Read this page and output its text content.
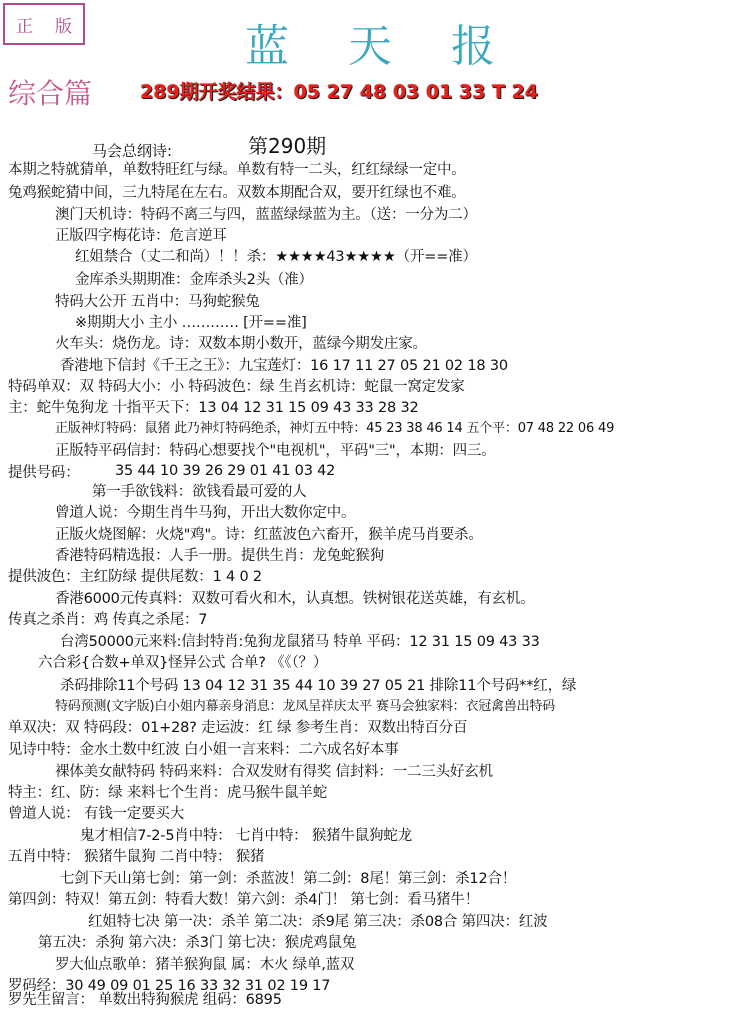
正 版	蓝 天 报
综合篇	289期开奖结果：05 27 48 03 01 33 T 24
马会总纲诗:	第290期
本期之特就猜单，单数特旺红与绿。单数有特一二头，红红绿绿一定中。
兔鸡猴蛇猜中间，三九特尾在左右。双数本期配合双，要开红绿也不难。
澳门天机诗：特码不离三与四，蓝蓝绿绿蓝为主。（送：一分为二）
正版四字梅花诗：危言逆耳
红姐禁合（丈二和尚）！！杀：★★★★43★★★★（开==准）
金库杀头期期准：金库杀头2头（准）
特码大公开 五肖中：马狗蛇猴兔
※期期大小 主小 ………… [开==准]
火车头：烧伤龙。诗：双数本期小数开，蓝绿今期发庄家。
香港地下信封《千王之王》：九宝莲灯：16 17 11 27 05 21 02 18 30
特码单双：双 特码大小：小 特码波色：绿 生肖玄机诗：蛇鼠一窝定发家
主：蛇牛兔狗龙 十指平天下：13 04 12 31 15 09 43 33 28 32
正版神灯特码：鼠猪 此乃神灯特码绝杀，神灯五中特：45 23 38 46 14 五个平：07 48 22 06 49
正版特平码信封：特码心想要找个"电视机"，平码"三"，本期：四三。
提供号码： 35 44 10 39 26 29 01 41 03 42
第一手欲钱料：欲钱看最可爱的人
曾道人说：今期生肖牛马狗，开出大数你定中。
正版火烧图解：火烧"鸡"。诗：红蓝波色六畜开，猴羊虎马肖要杀。
香港特码精选报：人手一册。提供生肖：龙兔蛇猴狗
提供波色：主红防绿 提供尾数：1 4 0 2
香港6000元传真料：双数可看火和木，认真想。铁树银花送英雄，有玄机。
传真之杀肖：鸡 传真之杀尾：7
台湾50000元来料:信封特肖:兔狗龙鼠猪马 特单 平码：12 31 15 09 43 33
六合彩{合数+单双}怪异公式 合单? 《《（？）
杀码排除11个号码 13 04 12 31 35 44 10 39 27 05 21 排除11个号码**红，绿
特码预测(文字版)白小姐内幕亲身消息：龙凤呈祥庆太平 赛马会独家料：衣冠禽兽出特码
单双决：双 特码段：01+28? 走运波：红 绿 参考生肖：双数出特百分百
见诗中特：金水土数中红波 白小姐一言来料：二六成名好本事
裸体美女献特码 特码来料：合双发财有得奖 信封料：一二三头好玄机
特主：红、防：绿 来料七个生肖：虎马猴牛鼠羊蛇
曾道人说： 有钱一定要买大
鬼才相信7-2-5肖中特： 七肖中特： 猴猪牛鼠狗蛇龙
五肖中特： 猴猪牛鼠狗 二肖中特： 猴猪
七剑下天山第七剑：第一剑：杀蓝波！第二剑：8尾！第三剑：杀12合！
第四剑：特双！第五剑：特看大数！第六剑：杀4门！ 第七剑：看马猪牛！
红姐特七决 第一决：杀羊 第二决：杀9尾 第三决：杀08合 第四决：红波
第五决：杀狗 第六决：杀3门 第七决：猴虎鸡鼠兔
罗大仙点歌单：猪羊猴狗鼠 属：木火 绿单,蓝双
罗码经：30 49 09 01 25 16 33 32 31 02 19 17
罗先生留言： 单数出特狗猴虎 组码：6895
